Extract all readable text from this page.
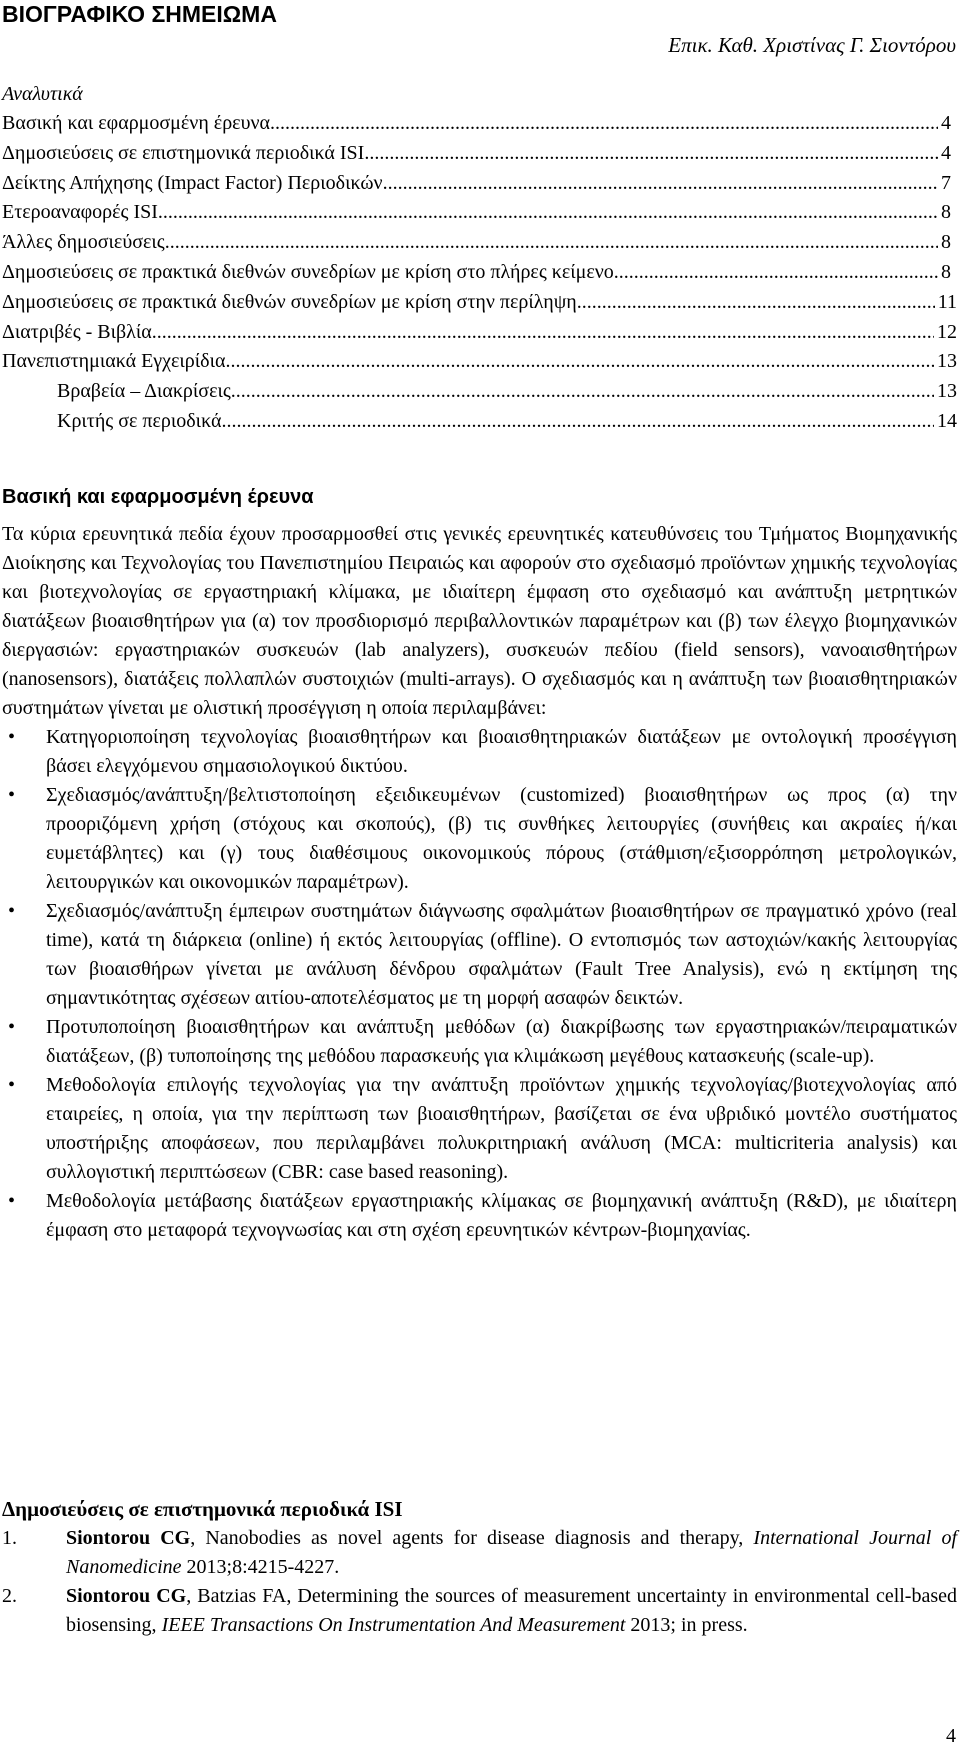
ΒΙΟΓΡΑΦΙΚΟ ΣΗΜΕΙΩΜΑ
Επικ. Καθ. Χριστίνας Γ. Σιοντόρου
Αναλυτικά
Βασική και εφαρμοσμένη έρευνα .....	4
Δημοσιεύσεις σε επιστημονικά περιοδικά ISI .....	4
Δείκτης Απήχησης (Impact Factor) Περιοδικών .....	7
Ετεροαναφορές ISI .....	8
Άλλες δημοσιεύσεις .....	8
Δημοσιεύσεις σε πρακτικά διεθνών συνεδρίων με κρίση στο πλήρες κείμενο .....	8
Δημοσιεύσεις σε πρακτικά διεθνών συνεδρίων με κρίση στην περίληψη .....	11
Διατριβές - Βιβλία .....	12
Πανεπιστημιακά Εγχειρίδια .....	13
Βραβεία – Διακρίσεις .....	13
Κριτής σε περιοδικά .....	14
Βασική και εφαρμοσμένη έρευνα

Τα κύρια ερευνητικά πεδία έχουν προσαρμοσθεί στις γενικές ερευνητικές κατευθύνσεις του Τμήματος Βιομηχανικής Διοίκησης και Τεχνολογίας του Πανεπιστημίου Πειραιώς και αφορούν στο σχεδιασμό προϊόντων χημικής τεχνολογίας και βιοτεχνολογίας σε εργαστηριακή κλίμακα, με ιδιαίτερη έμφαση στο σχεδιασμό και ανάπτυξη μετρητικών διατάξεων βιοαισθητήρων για (α) τον προσδιορισμό περιβαλλοντικών παραμέτρων και (β) των έλεγχο βιομηχανικών διεργασιών: εργαστηριακών συσκευών (lab analyzers), συσκευών πεδίου (field sensors), νανοαισθητήρων (nanosensors), διατάξεις πολλαπλών συστοιχιών (multi-arrays). Ο σχεδιασμός και η ανάπτυξη των βιοαισθητηριακών συστημάτων γίνεται με ολιστική προσέγγιση η οποία περιλαμβάνει:

• Κατηγοριοποίηση τεχνολογίας βιοαισθητήρων και βιοαισθητηριακών διατάξεων με οντολογική προσέγγιση βάσει ελεγχόμενου σημασιολογικού δικτύου.
• Σχεδιασμός/ανάπτυξη/βελτιστοποίηση εξειδικευμένων (customized) βιοαισθητήρων ως προς (α) την προοριζόμενη χρήση (στόχους και σκοπούς), (β) τις συνθήκες λειτουργίες (συνήθεις και ακραίες ή/και ευμετάβλητες) και (γ) τους διαθέσιμους οικονομικούς πόρους (στάθμιση/εξισορρόπηση μετρολογικών, λειτουργικών και οικονομικών παραμέτρων).
• Σχεδιασμός/ανάπτυξη έμπειρων συστημάτων διάγνωσης σφαλμάτων βιοαισθητήρων σε πραγματικό χρόνο (real time), κατά τη διάρκεια (online) ή εκτός λειτουργίας (offline). Ο εντοπισμός των αστοχιών/κακής λειτουργίας των βιοαισθήρων γίνεται με ανάλυση δένδρου σφαλμάτων (Fault Tree Analysis), ενώ η εκτίμηση της σημαντικότητας σχέσεων αιτίου-αποτελέσματος με τη μορφή ασαφών δεικτών.
• Προτυποποίηση βιοαισθητήρων και ανάπτυξη μεθόδων (α) διακρίβωσης των εργαστηριακών/πειραματικών διατάξεων, (β) τυποποίησης της μεθόδου παρασκευής για κλιμάκωση μεγέθους κατασκευής (scale-up).
• Μεθοδολογία επιλογής τεχνολογίας για την ανάπτυξη προϊόντων χημικής τεχνολογίας/βιοτεχνολογίας από εταιρείες, η οποία, για την περίπτωση των βιοαισθητήρων, βασίζεται σε ένα υβριδικό μοντέλο συστήματος υποστήριξης αποφάσεων, που περιλαμβάνει πολυκριτηριακή ανάλυση (MCA: multicriteria analysis) και συλλογιστική περιπτώσεων (CBR: case based reasoning).
• Μεθοδολογία μετάβασης διατάξεων εργαστηριακής κλίμακας σε βιομηχανική ανάπτυξη (R&D), με ιδιαίτερη έμφαση στο μεταφορά τεχνογνωσίας και στη σχέση ερευνητικών κέντρων-βιομηχανίας.
Δημοσιεύσεις σε επιστημονικά περιοδικά ISI
1. Siontorou CG, Nanobodies as novel agents for disease diagnosis and therapy, International Journal of Nanomedicine 2013;8:4215-4227.
2. Siontorou CG, Batzias FA, Determining the sources of measurement uncertainty in environmental cell-based biosensing, IEEE Transactions On Instrumentation And Measurement 2013; in press.
4
